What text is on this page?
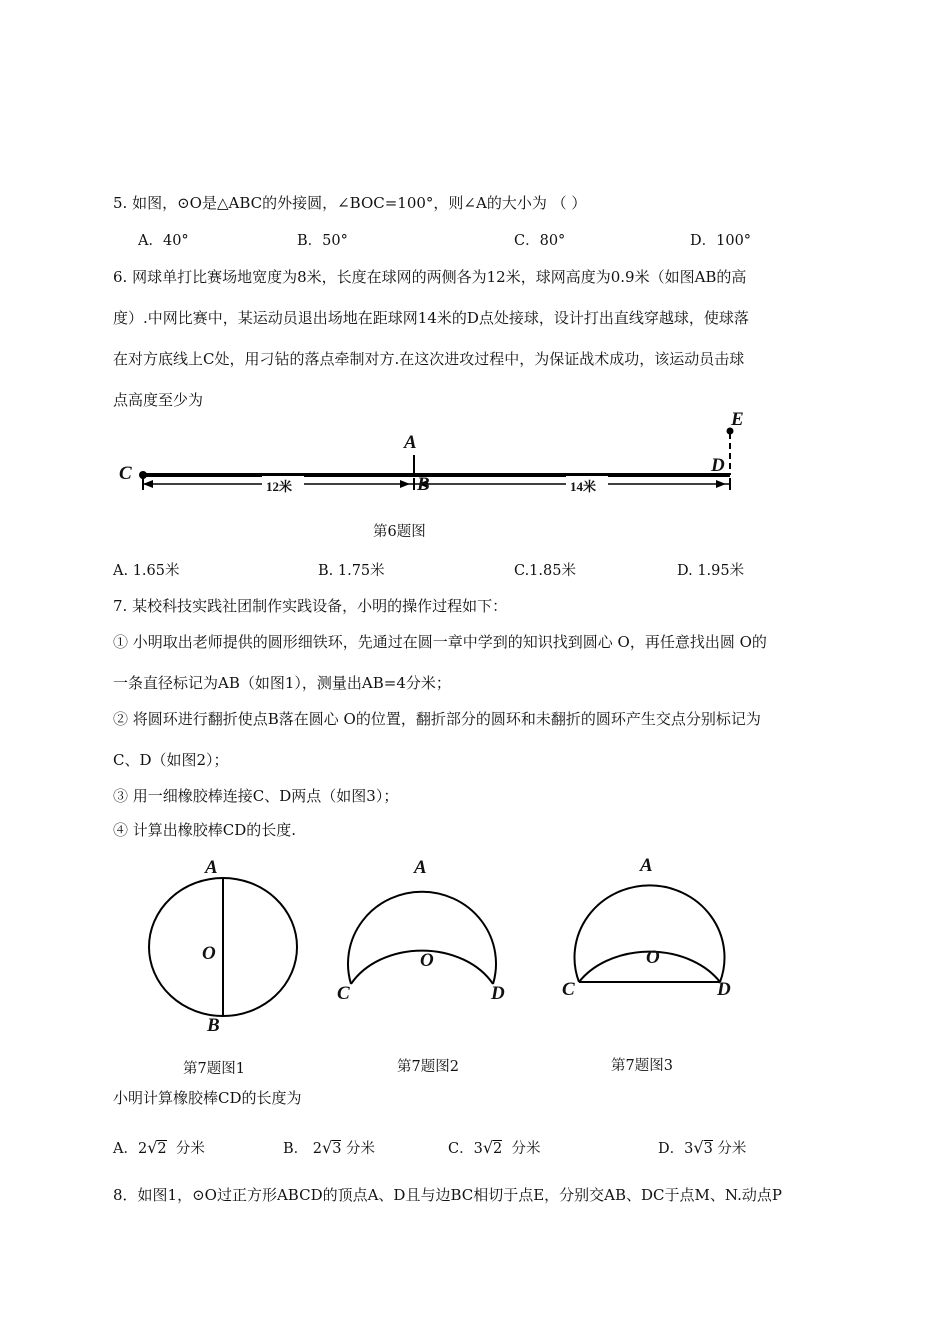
5. 如图，⊙O是△ABC的外接圆，∠BOC=100°，则∠A的大小为 （ ）
A．40°	B．50°	C．80°	D．100°
6. 网球单打比赛场地宽度为8米，长度在球网的两侧各为12米，球网高度为0.9米（如图AB的高
度）.中网比赛中，某运动员退出场地在距球网14米的D点处接球，设计打出直线穿越球，使球落
在对方底线上C处，用刁钻的落点牵制对方.在这次进攻过程中，为保证战术成功，该运动员击球
点高度至少为
C
A
B
D
E
12米	14米
第6题图
A. 1.65米	B. 1.75米	C.1.85米	D. 1.95米
7. 某校科技实践社团制作实践设备，小明的操作过程如下：
① 小明取出老师提供的圆形细铁环，先通过在圆一章中学到的知识找到圆心 O，再任意找出圆 O的
一条直径标记为AB（如图1），测量出AB=4分米；
② 将圆环进行翻折使点B落在圆心 O的位置，翻折部分的圆环和未翻折的圆环产生交点分别标记为
C、D（如图2）；
③ 用一细橡胶棒连接C、D两点（如图3）；
④ 计算出橡胶棒CD的长度.
A
O
B
第7题图1
A
O
C	D
第7题图2
A
O
C	D
第7题图3
小明计算橡胶棒CD的长度为
A．2√2 分米	B． 2√3 分米	C．3√2 分米	D．3√3 分米
8．如图1，⊙O过正方形ABCD的顶点A、D且与边BC相切于点E，分别交AB、DC于点M、N.动点P
